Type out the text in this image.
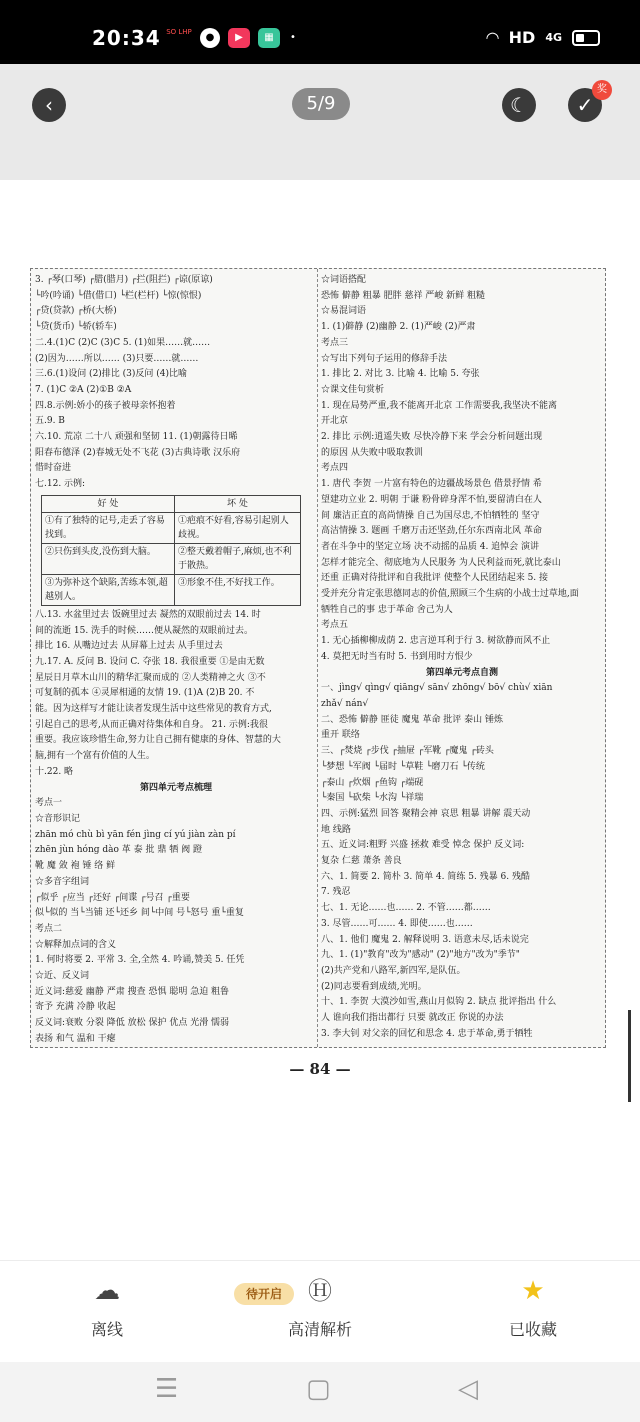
20:34 SO LHP	●	▶	▦	•	◠ HD 4G
‹	5/9	☾	✓
奖
3. ┌琴(口琴) ┌腊(腊月) ┌拦(阻拦) ┌谅(原谅)
└吟(吟诵) └借(借口) └栏(栏杆) └惊(惊恨)
┌贷(贷款) ┌桥(大桥)
└贷(货币) └轿(轿车)
二.4.(1)C (2)C (3)C 5. (1)如果……就……
(2)因为……所以…… (3)只要……就……
三.6.(1)设问 (2)排比 (3)反问 (4)比喻
7. (1)C ②A (2)①B ②A
四.8.示例:娇小的孩子被母亲怀抱着
五.9. B
六.10. 荒凉 二十八 顽强和坚韧 11. (1)朝露待日晞
阳春布德泽 (2)春城无处不飞花 (3)古典诗歌 汉乐府
惜时奋进
七.12. 示例:
好 处	坏 处
①有了独特的记号,走丢了容易找到。	①疤痕不好看,容易引起别人歧视。
②只伤到头皮,没伤到大脑。	②整天戴着帽子,麻烦,也不利于散热。
③为弥补这个缺陷,苦练本领,超越别人。	③形象不佳,不好找工作。
八.13. 水盆里过去 饭碗里过去 凝然的双眼前过去 14. 时
间的流逝 15. 洗手的时候……便从凝然的双眼前过去。
排比 16. 从嘴边过去 从屏幕上过去 从手里过去
九.17. A. 反问 B. 设问 C. 夺张 18. 我很重要 ①是由无数
星辰日月草木山川的精华汇聚而成的 ②人类精神之火 ③不
可复制的孤本 ④灵犀相通的友情 19. (1)A (2)B 20. 不
能。因为这样写才能让读者发现生活中这些常见的教育方式,
引起自己的思考,从而正确对待集体和自身。 21. 示例:我很
重要。我应该珍惜生命,努力让自己拥有健康的身体、智慧的大
脑,拥有一个富有价值的人生。
十.22. 略
第四单元考点梳理
考点一
☆音形识记
zhān mó chù bì yān fén jìng cí yú jiàn zàn pí
zhēn jùn hóng dào 革 泰 批 鼎 牺 阀 蹬
靴 魔 敛 袍 锤 络 鲜
☆多音字组词
┌似乎 ┌应当 ┌还好 ┌间谍 ┌号召 ┌重要
似└似的 当└当铺 还└还乡 间└中间 号└怒号 重└重复
考点二
☆解释加点词的含义
1. 何时将要 2. 平常 3. 全,全然 4. 吟诵,赞美 5. 任凭
☆近、反义词
近义词:慈爱 幽静 严肃 搜查 恐惧 聪明 急迫 粗鲁
寄予 充满 冷静 收起
反义词:衰败 分裂 降低 放松 保护 优点 光滑 懦弱
表扬 和气 温和 干瘪
☆词语搭配
恐怖 僻静 粗暴 肥胖 慈祥 严峻 新鲜 粗糙
☆易混词语
1. (1)僻静 (2)幽静 2. (1)严峻 (2)严肃
考点三
☆写出下列句子运用的修辞手法
1. 排比 2. 对比 3. 比喻 4. 比喻 5. 夸张
☆课文佳句赏析
1. 现在局势严重,我不能离开北京 工作需要我,我坚决不能离
开北京
2. 排比 示例:逍遥失败 尽快冷静下来 学会分析问题出现
的原因 从失败中吸取教训
考点四
1. 唐代 李贺 一片富有特色的边疆战场景色 借景抒情 希
望建功立业 2. 明朝 于谦 粉骨碎身浑不怕,要留清白在人
间 廉洁正直的高尚情操 自己为国尽忠,不怕牺牲的 坚守
高洁情操 3. 题画 千磨万击还坚劲,任尔东西南北风 革命
者在斗争中的坚定立场 决不动摇的品质 4. 追悼会 演讲
怎样才能完全、彻底地为人民服务 为人民利益而死,就比泰山
还重 正确对待批评和自我批评 使整个人民团结起来 5. 接
受并充分肯定张思德同志的价值,照顾三个生病的小战士过草地,面
牺牲自己的事 忠于革命 舍己为人
考点五
1. 无心插柳柳成荫 2. 忠言逆耳利于行 3. 树欲静而风不止
4. 莫把无时当有时 5. 书到用时方恨少
第四单元考点自测
一、jìng√ qìng√ qiāng√ sān√ zhōng√ bō√ chù√ xiān
zhǎ√ nán√
二、恐怖 僻静 匪徒 魔鬼 革命 批评 泰山 锤炼
重开 联络
三、┌焚烧 ┌步伐 ┌抽屉 ┌军靴 ┌魔鬼 ┌砖头
└梦想 └军阀 └届时 └草鞋 └磨刀石 └传统
┌泰山 ┌炊烟 ┌鱼钩 ┌端砚
└秦国 └砍柴 └水沟 └祥瑞
四、示例:猛烈 回答 聚精会神 哀思 粗暴 讲解 震天动
地 线路
五、近义词:粗野 兴盛 拯救 难受 悼念 保护 反义词:
复杂 仁慈 萧条 善良
六、1. 简要 2. 简朴 3. 简单 4. 简练 5. 残暴 6. 残酷
7. 残忍
七、1. 无论……也…… 2. 不管……都……
3. 尽管……可…… 4. 即使……也……
八、1. 他们 魔鬼 2. 解释说明 3. 语意未尽,话未说完
九、1. (1)"教育"改为"感动" (2)"地方"改为"季节"
(2)共产党和八路军,新四军,是队伍。
(2)同志要看到成绩,光明。
十、1. 李贺 大漠沙如雪,燕山月似钩 2. 缺点 批评指出 什么
人 谁向我们指出都行 只要 就改正 你说的办法
3. 李大钊 对父亲的回忆和思念 4. 忠于革命,勇于牺牲
— 84 —
☁
离线
Ⓗ
高清解析
待开启	★
已收藏
☰	▢	◁
